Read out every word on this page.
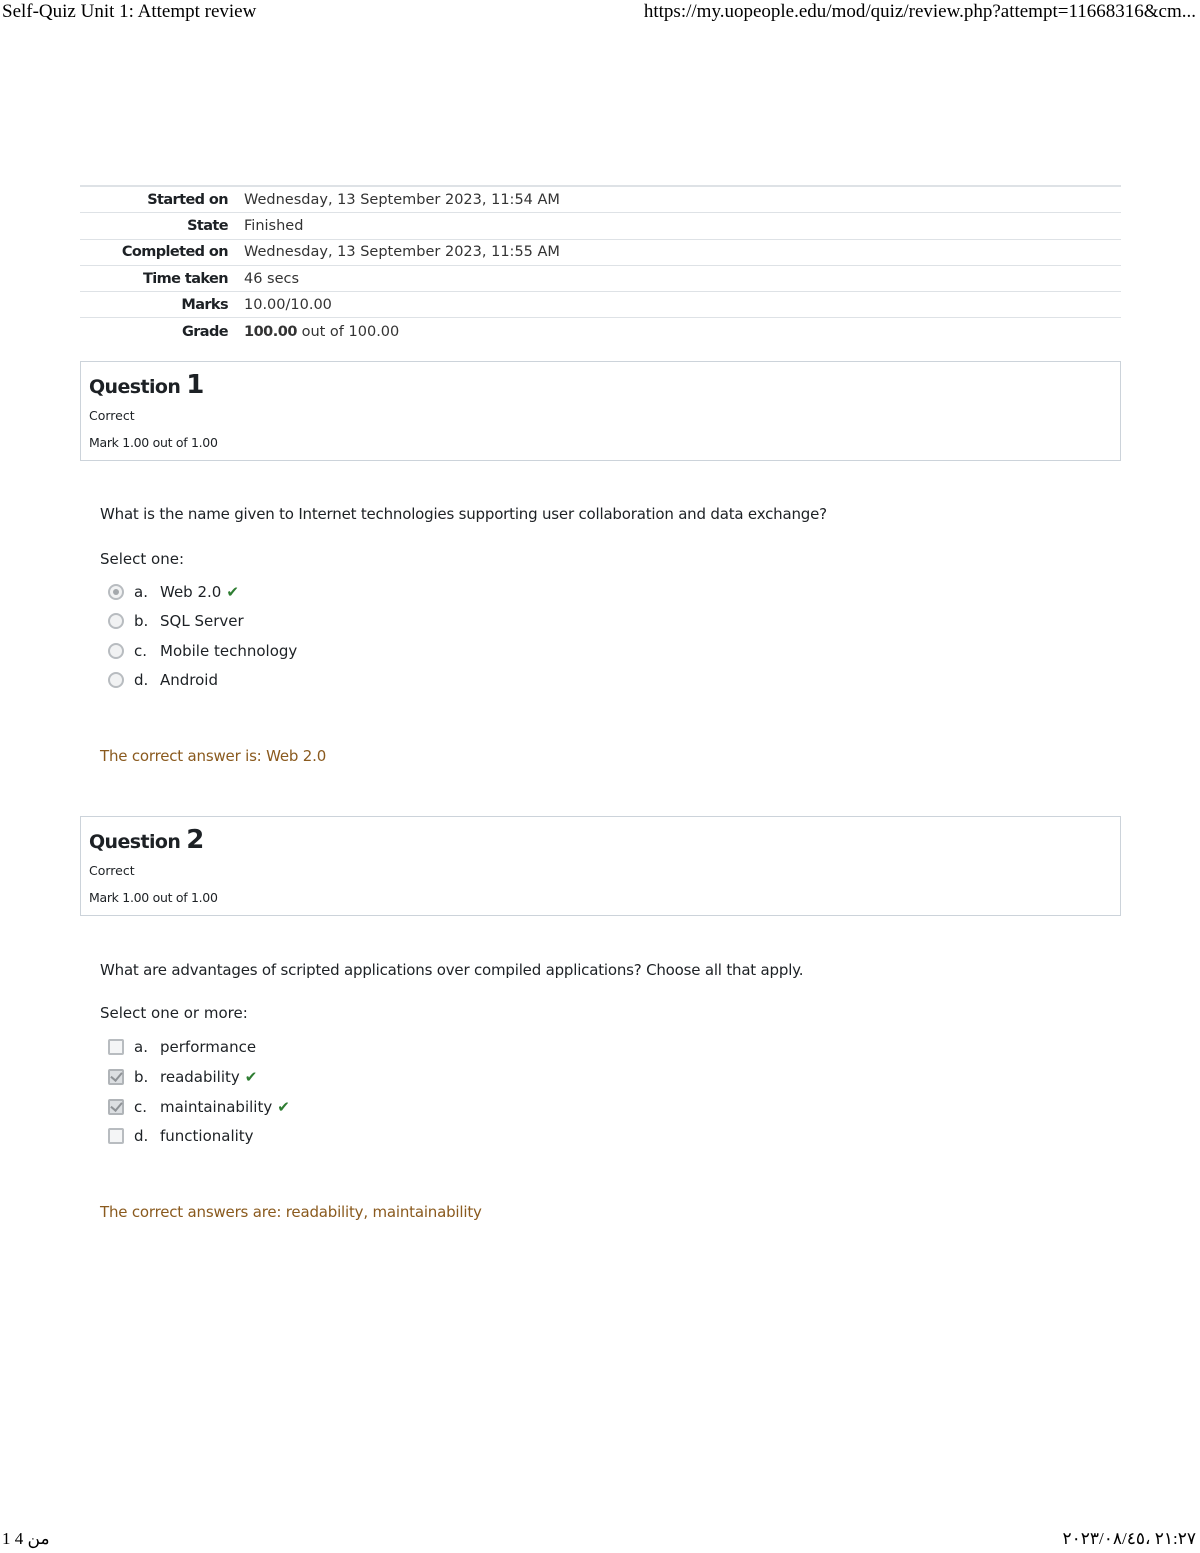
Self-Quiz Unit 1: Attempt review	https://my.uopeople.edu/mod/quiz/review.php?attempt=11668316&cm...
Started on	Wednesday, 13 September 2023, 11:54 AM
State	Finished
Completed on	Wednesday, 13 September 2023, 11:55 AM
Time taken	46 secs
Marks	10.00/10.00
Grade	100.00 out of 100.00
Question 1
Correct
Mark 1.00 out of 1.00
What is the name given to Internet technologies supporting user collaboration and data exchange?
Select one:
a. Web 2.0 ✔
b. SQL Server
c. Mobile technology
d. Android
The correct answer is: Web 2.0
Question 2
Correct
Mark 1.00 out of 1.00
What are advantages of scripted applications over compiled applications? Choose all that apply.
Select one or more:
a. performance
b. readability ✔
c. maintainability ✔
d. functionality
The correct answers are: readability, maintainability
1 من 4	٢١:٢٧ ،٢٠٢٣/٠٨/٤٥
